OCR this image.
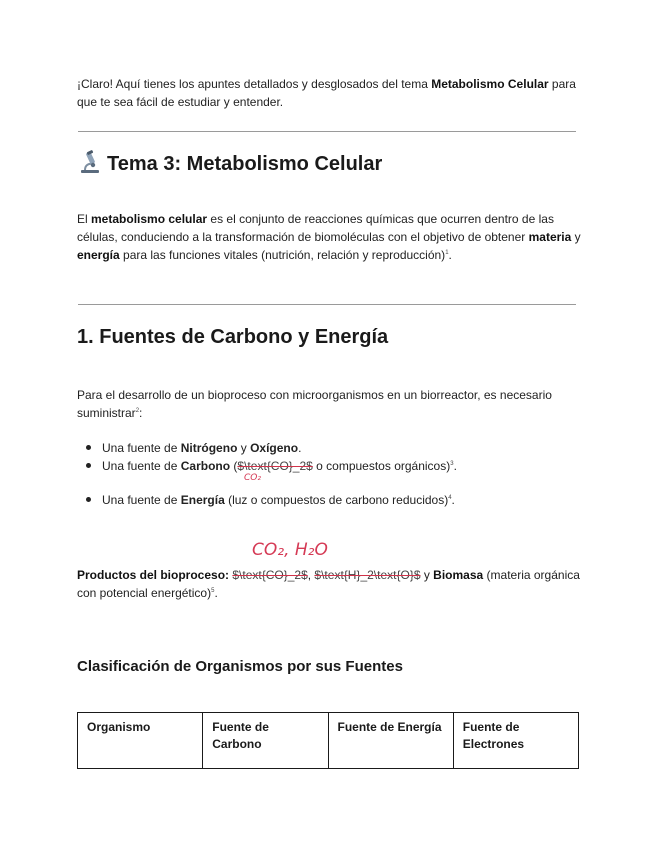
¡Claro! Aquí tienes los apuntes detallados y desglosados del tema Metabolismo Celular para que te sea fácil de estudiar y entender.

Tema 3: Metabolismo Celular

El metabolismo celular es el conjunto de reacciones químicas que ocurren dentro de las células, conduciendo a la transformación de biomoléculas con el objetivo de obtener materia y energía para las funciones vitales (nutrición, relación y reproducción)$^1$.

1. Fuentes de Carbono y Energía

Para el desarrollo de un bioproceso con microorganismos en un biorreactor, es necesario suministrar$^2$:

Una fuente de Nitrógeno y Oxígeno.
Una fuente de Carbono ($\text{CO}_2$ o compuestos orgánicos)$^3$.
CO₂
Una fuente de Energía (luz o compuestos de carbono reducidos)$^4$.
CO₂, H₂O

Productos del bioproceso: $\text{CO}_2$, $\text{H}_2\text{O}$ y Biomasa (materia orgánica con potencial energético)$^5$.

Clasificación de Organismos por sus Fuentes
Organismo	Fuente de Carbono	Fuente de Energía	Fuente de Electrones
